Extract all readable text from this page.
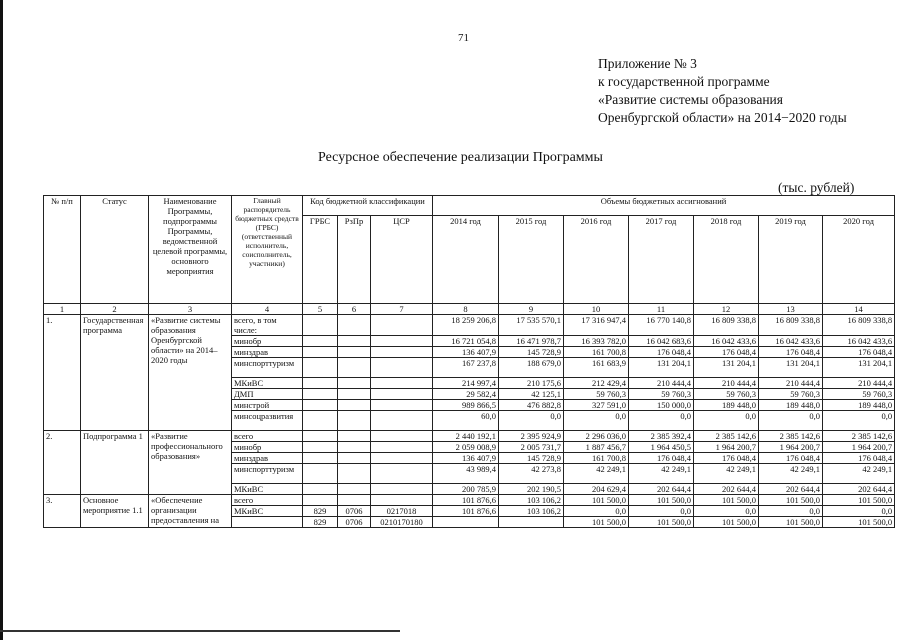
71
Приложение № 3
к государственной программе
«Развитие системы образования
Оренбургской области» на 2014−2020 годы
Ресурсное обеспечение реализации Программы
(тыс. рублей)
№ п/п	Статус	Наименование Программы, подпрограммы Программы, ведомственной целевой программы, основного мероприятия	Главный распорядитель бюджетных средств (ГРБС) (ответственный исполнитель, соисполнитель, участники)	Код бюджетной классификации			Объемы бюджетных ассигнований						
				ГРБС	РзПр	ЦСР	2014 год	2015 год	2016 год	2017 год	2018 год	2019 год	2020 год
1	2	3	4	5	6	7	8	9	10	11	12	13	14
1.	Государственная программа	«Развитие системы образования Оренбургской области» на 2014–2020 годы	всего, в том числе:				18 259 206,8	17 535 570,1	17 316 947,4	16 770 140,8	16 809 338,8	16 809 338,8	16 809 338,8
			минобр				16 721 054,8	16 471 978,7	16 393 782,0	16 042 683,6	16 042 433,6	16 042 433,6	16 042 433,6
			минздрав				136 407,9	145 728,9	161 700,8	176 048,4	176 048,4	176 048,4	176 048,4
			минспорттуризм				167 237,8	188 679,0	161 683,9	131 204,1	131 204,1	131 204,1	131 204,1
			МКиВС				214 997,4	210 175,6	212 429,4	210 444,4	210 444,4	210 444,4	210 444,4
			ДМП				29 582,4	42 125,1	59 760,3	59 760,3	59 760,3	59 760,3	59 760,3
			минстрой				989 866,5	476 882,8	327 591,0	150 000,0	189 448,0	189 448,0	189 448,0
			минсоцразвития				60,0	0,0	0,0	0,0	0,0	0,0	0,0
2.	Подпрограмма 1	«Развитие профессионального образования»	всего				2 440 192,1	2 395 924,9	2 296 036,0	2 385 392,4	2 385 142,6	2 385 142,6	2 385 142,6
			минобр				2 059 008,9	2 005 731,7	1 887 456,7	1 964 450,5	1 964 200,7	1 964 200,7	1 964 200,7
			минздрав				136 407,9	145 728,9	161 700,8	176 048,4	176 048,4	176 048,4	176 048,4
			минспорттуризм				43 989,4	42 273,8	42 249,1	42 249,1	42 249,1	42 249,1	42 249,1
			МКиВС				200 785,9	202 190,5	204 629,4	202 644,4	202 644,4	202 644,4	202 644,4
3.	Основное мероприятие 1.1	«Обеспечение организации предоставления на	всего				101 876,6	103 106,2	101 500,0	101 500,0	101 500,0	101 500,0	101 500,0
			МКиВС	829	0706	0217018	101 876,6	103 106,2	0,0	0,0	0,0	0,0	0,0
				829	0706	0210170180			101 500,0	101 500,0	101 500,0	101 500,0	101 500,0
